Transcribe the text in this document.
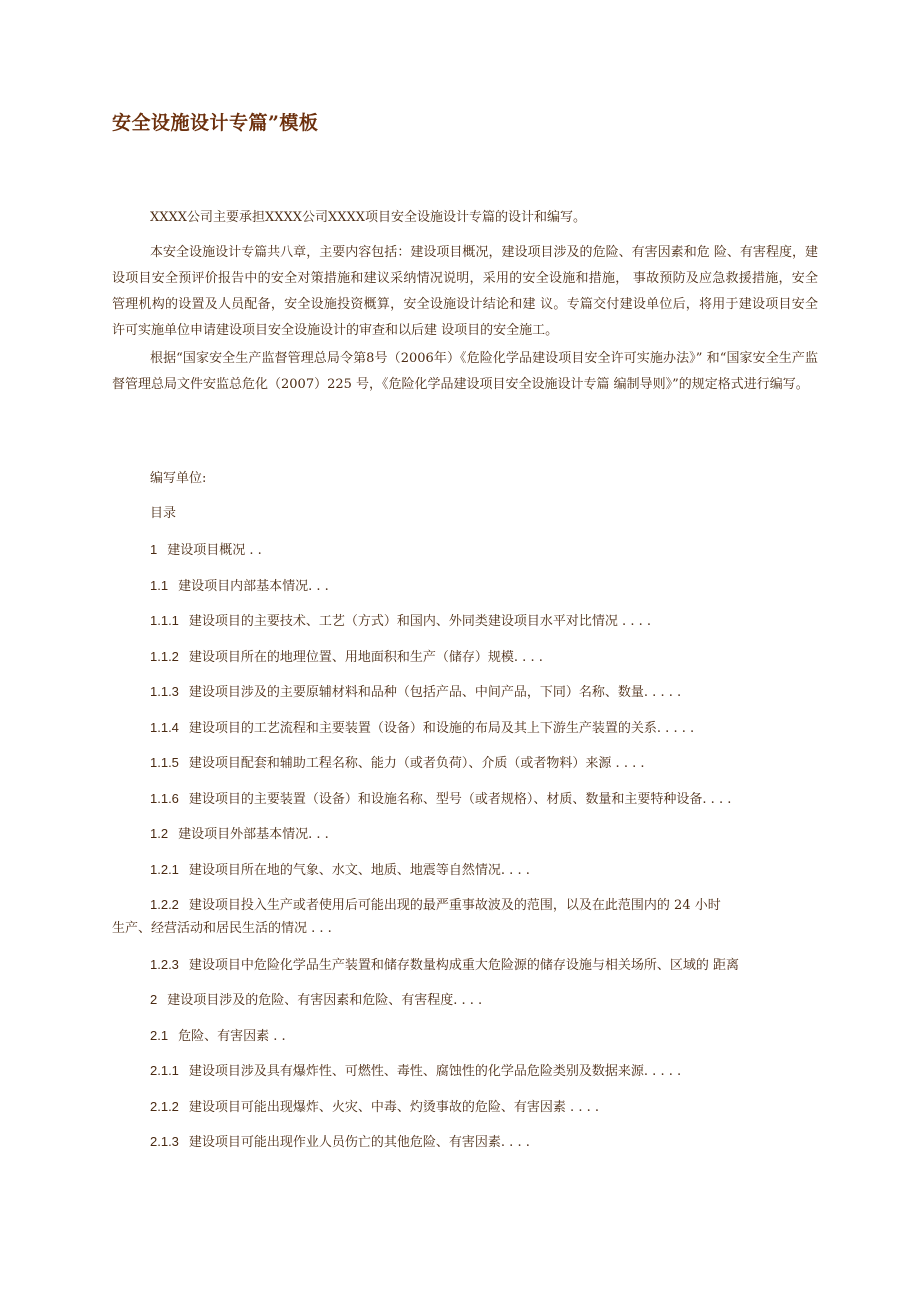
安全设施设计专篇”模板
XXXX公司主要承担XXXX公司XXXX项目安全设施设计专篇的设计和编写。
本安全设施设计专篇共八章，主要内容包括：建设项目概况，建设项目涉及的危险、有害因素和危 险、有害程度，建设项目安全预评价报告中的安全对策措施和建议采纳情况说明，采用的安全设施和措施， 事故预防及应急救援措施，安全管理机构的设置及人员配备，安全设施投资概算，安全设施设计结论和建 议。专篇交付建设单位后，将用于建设项目安全许可实施单位申请建设项目安全设施设计的审查和以后建 设项目的安全施工。
根据“国家安全生产监督管理总局令第8号（2006年）《危险化学品建设项目安全许可实施办法》” 和“国家安全生产监督管理总局文件安监总危化（2007）225 号，《危险化学品建设项目安全设施设计专篇 编制导则》”的规定格式进行编写。
编写单位:
目录
1 建设项目概况 . .
1.1 建设项目内部基本情况. . .
1.1.1 建设项目的主要技术、工艺（方式）和国内、外同类建设项目水平对比情况 . . . .
1.1.2 建设项目所在的地理位置、用地面积和生产（储存）规模. . . .
1.1.3 建设项目涉及的主要原辅材料和品种（包括产品、中间产品，下同）名称、数量. . . . .
1.1.4 建设项目的工艺流程和主要装置（设备）和设施的布局及其上下游生产装置的关系. . . . .
1.1.5 建设项目配套和辅助工程名称、能力（或者负荷）、介质（或者物料）来源 . . . .
1.1.6 建设项目的主要装置（设备）和设施名称、型号（或者规格）、材质、数量和主要特种设备. . . .
1.2 建设项目外部基本情况. . .
1.2.1 建设项目所在地的气象、水文、地质、地震等自然情况. . . .
1.2.2 建设项目投入生产或者使用后可能出现的最严重事故波及的范围，以及在此范围内的 24 小时
生产、经营活动和居民生活的情况 . . .
1.2.3 建设项目中危险化学品生产装置和储存数量构成重大危险源的储存设施与相关场所、区域的 距离
2 建设项目涉及的危险、有害因素和危险、有害程度. . . .
2.1 危险、有害因素 . .
2.1.1 建设项目涉及具有爆炸性、可燃性、毒性、腐蚀性的化学品危险类别及数据来源. . . . .
2.1.2 建设项目可能出现爆炸、火灾、中毒、灼烫事故的危险、有害因素 . . . .
2.1.3 建设项目可能出现作业人员伤亡的其他危险、有害因素. . . .
